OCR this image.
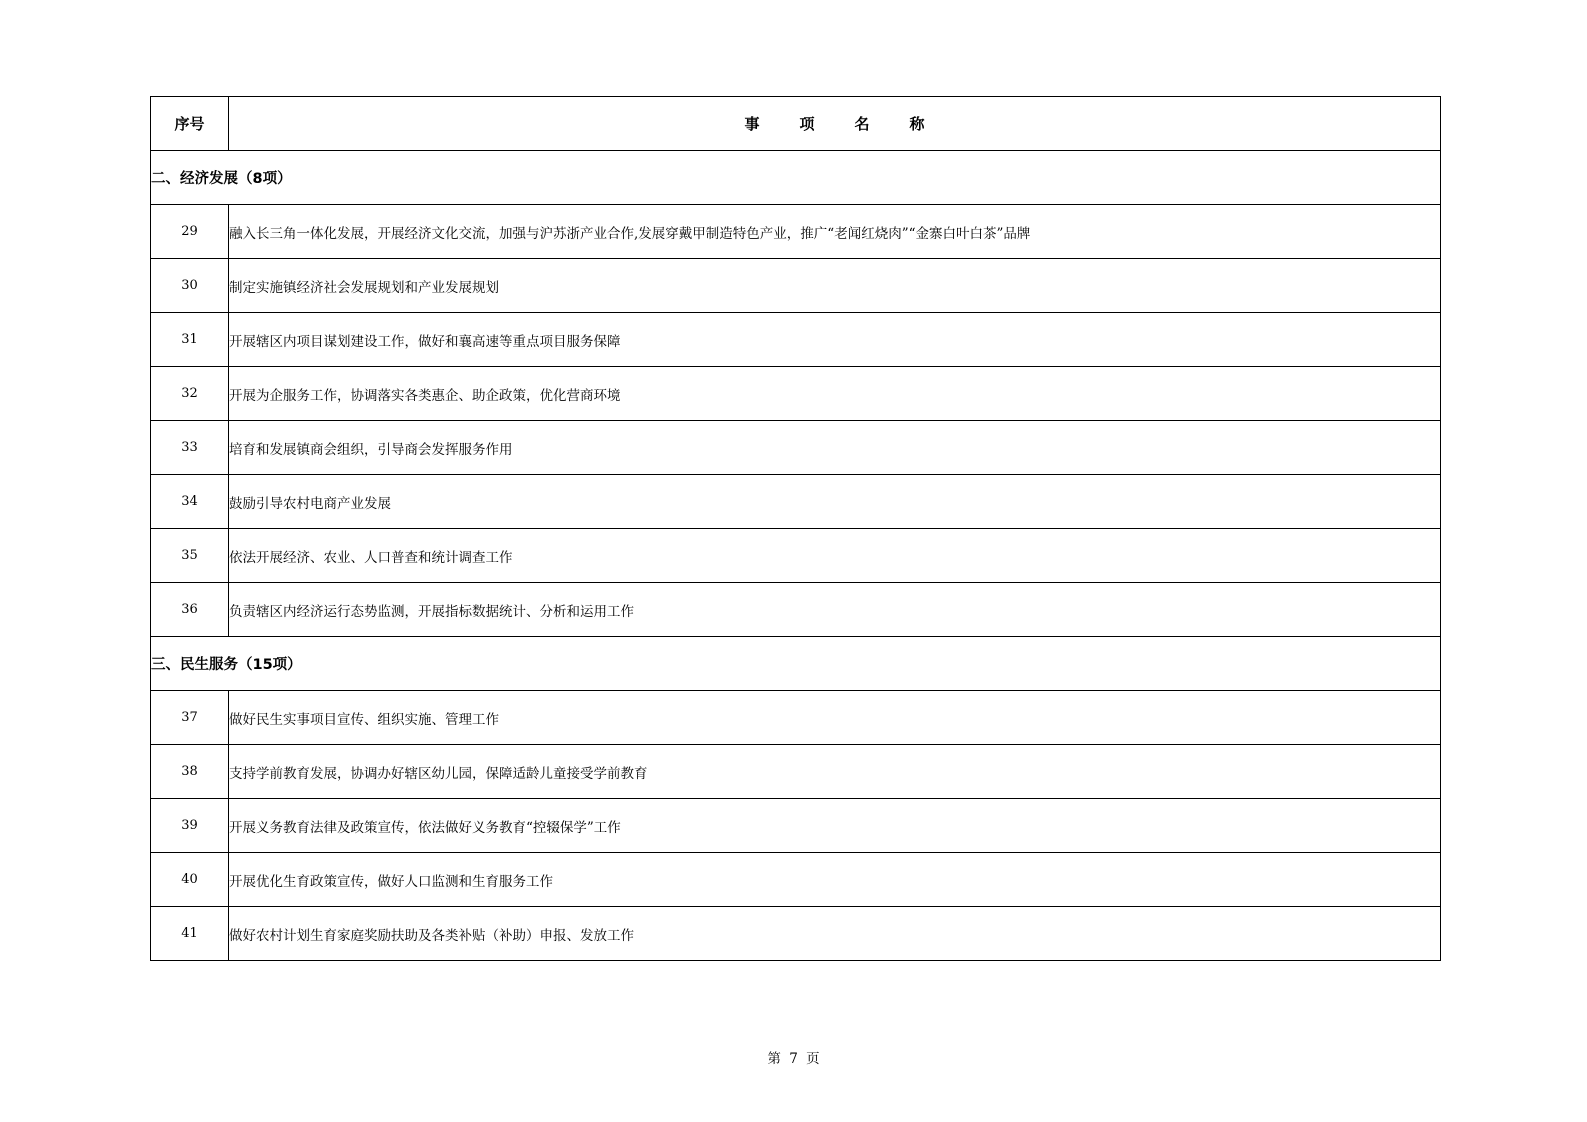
序号	事项名称
二、经济发展（8项）	
29	融入长三角一体化发展，开展经济文化交流，加强与沪苏浙产业合作,发展穿戴甲制造特色产业，推广“老闻红烧肉”“金寨白叶白茶”品牌
30	制定实施镇经济社会发展规划和产业发展规划
31	开展辖区内项目谋划建设工作，做好和襄高速等重点项目服务保障
32	开展为企服务工作，协调落实各类惠企、助企政策，优化营商环境
33	培育和发展镇商会组织，引导商会发挥服务作用
34	鼓励引导农村电商产业发展
35	依法开展经济、农业、人口普查和统计调查工作
36	负责辖区内经济运行态势监测，开展指标数据统计、分析和运用工作
三、民生服务（15项）	
37	做好民生实事项目宣传、组织实施、管理工作
38	支持学前教育发展，协调办好辖区幼儿园，保障适龄儿童接受学前教育
39	开展义务教育法律及政策宣传，依法做好义务教育“控辍保学”工作
40	开展优化生育政策宣传，做好人口监测和生育服务工作
41	做好农村计划生育家庭奖励扶助及各类补贴（补助）申报、发放工作
第 7 页
